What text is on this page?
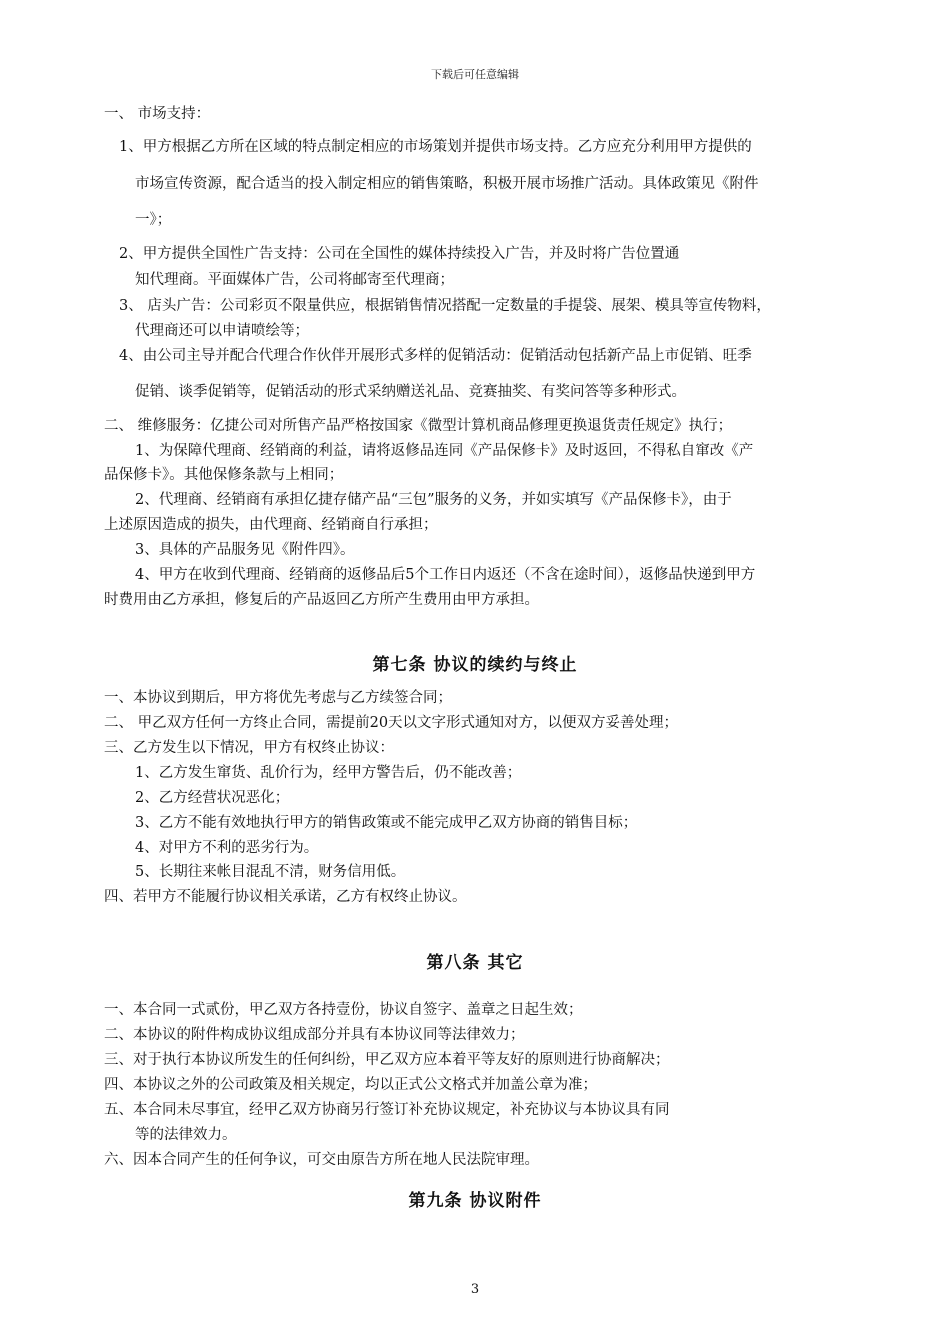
下载后可任意编辑
一、 市场支持：
1、甲方根据乙方所在区域的特点制定相应的市场策划并提供市场支持。乙方应充分利用甲方提供的
市场宣传资源，配合适当的投入制定相应的销售策略，积极开展市场推广活动。具体政策见《附件
一》；
2、甲方提供全国性广告支持：公司在全国性的媒体持续投入广告，并及时将广告位置通
知代理商。平面媒体广告，公司将邮寄至代理商；
3、 店头广告：公司彩页不限量供应，根据销售情况搭配一定数量的手提袋、展架、模具等宣传物料，
代理商还可以申请喷绘等；
4、由公司主导并配合代理合作伙伴开展形式多样的促销活动：促销活动包括新产品上市促销、旺季
促销、谈季促销等，促销活动的形式采纳赠送礼品、竞赛抽奖、有奖问答等多种形式。
二、 维修服务：亿捷公司对所售产品严格按国家《微型计算机商品修理更换退货责任规定》执行；
1、为保障代理商、经销商的利益，请将返修品连同《产品保修卡》及时返回，不得私自窜改《产
品保修卡》。其他保修条款与上相同；
2、代理商、经销商有承担亿捷存储产品“三包”服务的义务，并如实填写《产品保修卡》，由于
上述原因造成的损失，由代理商、经销商自行承担；
3、具体的产品服务见《附件四》。
4、甲方在收到代理商、经销商的返修品后5个工作日内返还（不含在途时间），返修品快递到甲方
时费用由乙方承担，修复后的产品返回乙方所产生费用由甲方承担。
一、本协议到期后，甲方将优先考虑与乙方续签合同；
二、 甲乙双方任何一方终止合同，需提前20天以文字形式通知对方，以便双方妥善处理；
三、乙方发生以下情况，甲方有权终止协议：
1、乙方发生窜货、乱价行为，经甲方警告后，仍不能改善；
2、乙方经营状况恶化；
3、乙方不能有效地执行甲方的销售政策或不能完成甲乙双方协商的销售目标；
4、对甲方不利的恶劣行为。
5、长期往来帐目混乱不清，财务信用低。
四、若甲方不能履行协议相关承诺，乙方有权终止协议。
一、本合同一式贰份，甲乙双方各持壹份，协议自签字、盖章之日起生效；
二、本协议的附件构成协议组成部分并具有本协议同等法律效力；
三、对于执行本协议所发生的任何纠纷，甲乙双方应本着平等友好的原则进行协商解决；
四、本协议之外的公司政策及相关规定，均以正式公文格式并加盖公章为准；
五、本合同未尽事宜，经甲乙双方协商另行签订补充协议规定，补充协议与本协议具有同
等的法律效力。
六、因本合同产生的任何争议，可交由原告方所在地人民法院审理。
第七条 协议的续约与终止
第八条 其它
第九条 协议附件
3
